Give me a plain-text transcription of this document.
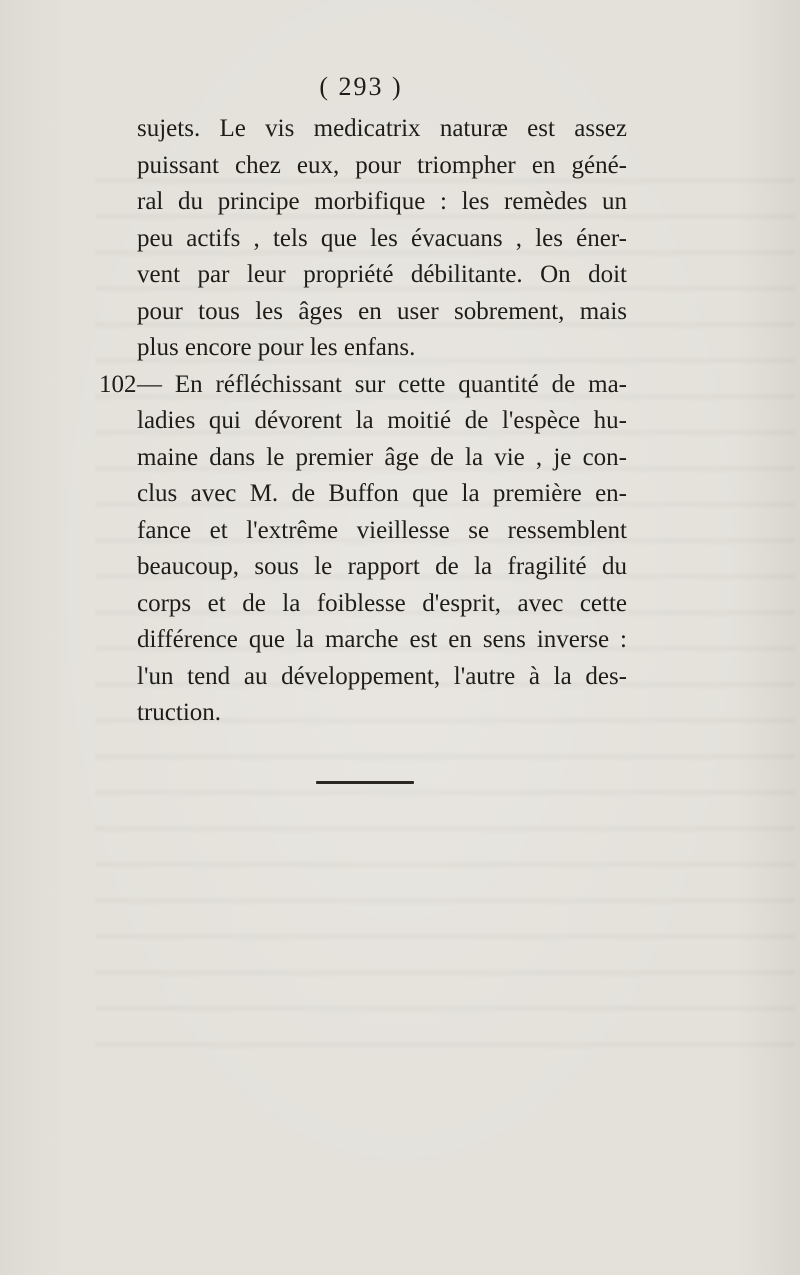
( 293 )
sujets. Le vis medicatrix naturæ est assez
puissant chez eux, pour triompher en géné-
ral du principe morbifique : les remèdes un
peu actifs , tels que les évacuans , les éner-
vent par leur propriété débilitante. On doit
pour tous les âges en user sobrement, mais
plus encore pour les enfans.
102 — En réfléchissant sur cette quantité de ma-
ladies qui dévorent la moitié de l'espèce hu-
maine dans le premier âge de la vie , je con-
clus avec M. de Buffon que la première en-
fance et l'extrême vieillesse se ressemblent
beaucoup, sous le rapport de la fragilité du
corps et de la foiblesse d'esprit, avec cette
différence que la marche est en sens inverse :
l'un tend au développement, l'autre à la des-
truction.
